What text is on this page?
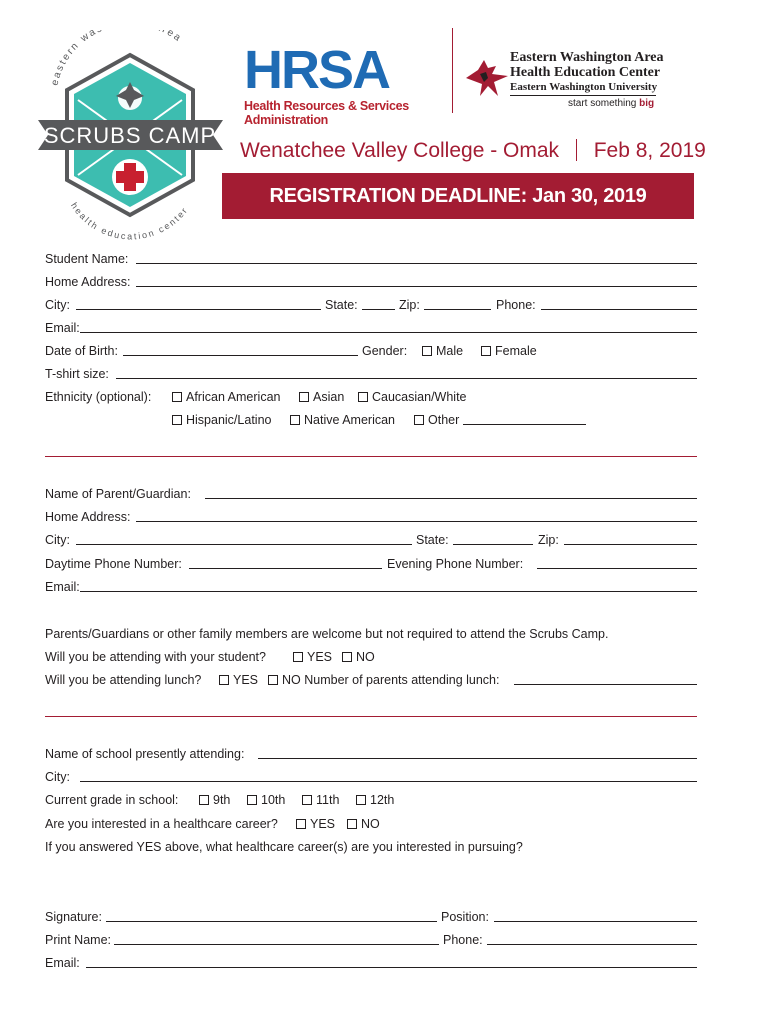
eastern wa rea
SCRUBS CAMP
health education center
HRSA
Health Resources & Services Administration
Eastern Washington Area
Health Education Center
Eastern Washington University
start something big
Wenatchee Valley College - Omak Feb 8, 2019
REGISTRATION DEADLINE: Jan 30, 2019
Student Name:
Home Address:
City:	State:	Zip:	Phone:
Email:
Date of Birth:	Gender:	Male	Female
T-shirt size:
Ethnicity (optional):	African American	Asian	Caucasian/White
Hispanic/Latino	Native American	Other
Name of Parent/Guardian:
Home Address:
City:	State:	Zip:
Daytime Phone Number:	Evening Phone Number:
Email:
Parents/Guardians or other family members are welcome but not required to attend the Scrubs Camp.
Will you be attending with your student?	YES	NO
Will you be attending lunch?	YES	NO Number of parents attending lunch:
Name of school presently attending:
City:
Current grade in school:	9th	10th	11th	12th
Are you interested in a healthcare career?	YES	NO
If you answered YES above, what healthcare career(s) are you interested in pursuing?
Signature:	Position:
Print Name:	Phone:
Email:
